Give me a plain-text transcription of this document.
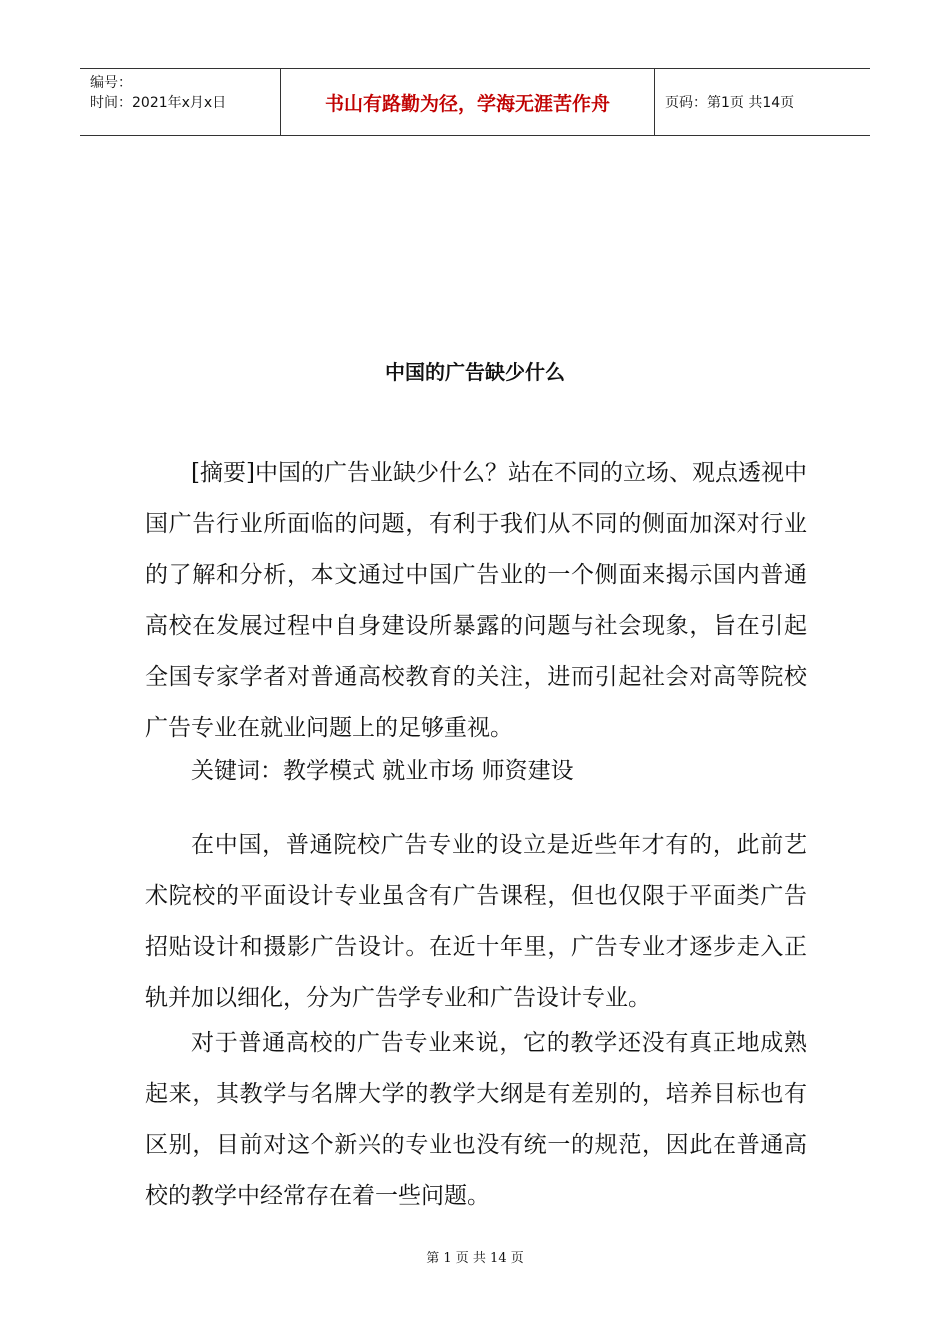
编号：
时间：2021年x月x日	书山有路勤为径，学海无涯苦作舟	页码：第1页 共14页
中国的广告缺少什么

[摘要]中国的广告业缺少什么？站在不同的立场、观点透视中国广告行业所面临的问题，有利于我们从不同的侧面加深对行业的了解和分析，本文通过中国广告业的一个侧面来揭示国内普通高校在发展过程中自身建设所暴露的问题与社会现象，旨在引起全国专家学者对普通高校教育的关注，进而引起社会对高等院校广告专业在就业问题上的足够重视。

关键词：教学模式 就业市场 师资建设

在中国，普通院校广告专业的设立是近些年才有的，此前艺术院校的平面设计专业虽含有广告课程，但也仅限于平面类广告招贴设计和摄影广告设计。在近十年里，广告专业才逐步走入正轨并加以细化，分为广告学专业和广告设计专业。

对于普通高校的广告专业来说，它的教学还没有真正地成熟起来，其教学与名牌大学的教学大纲是有差别的，培养目标也有区别，目前对这个新兴的专业也没有统一的规范，因此在普通高校的教学中经常存在着一些问题。

第 1 页 共 14 页
